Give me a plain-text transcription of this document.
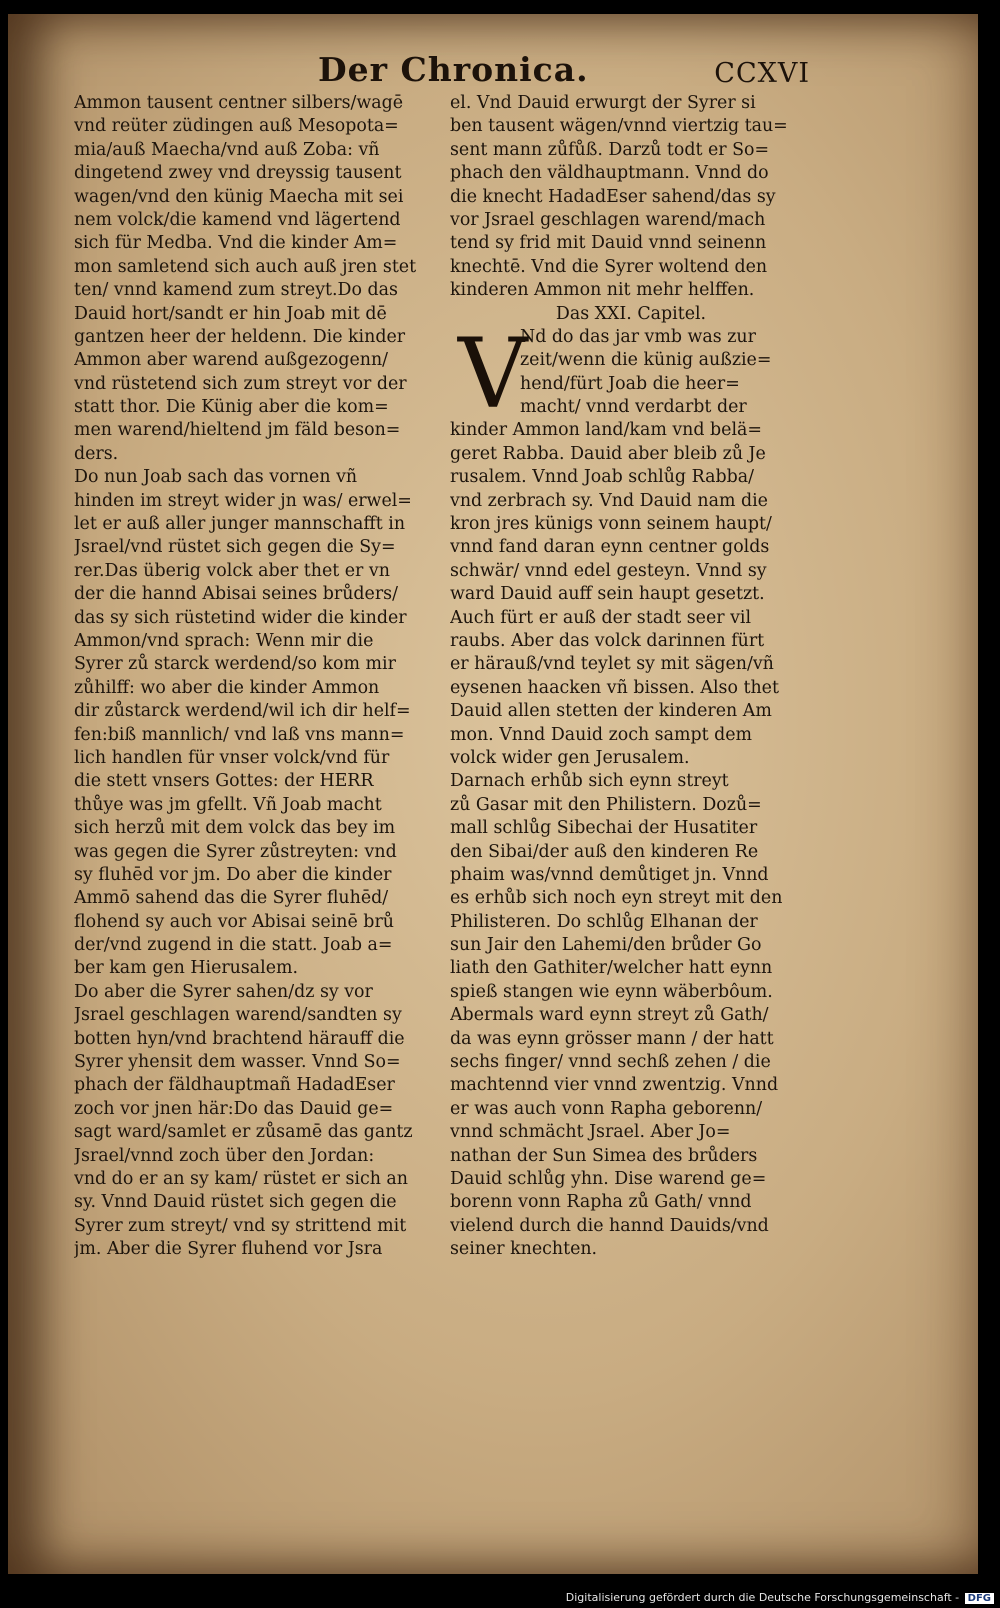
Der Chronica.	CCXVI
Ammon tausent centner silbers/wagē
vnd reüter züdingen auß Mesopota=
mia/auß Maecha/vnd auß Zoba: vñ
dingetend zwey vnd dreyssig tausent
wagen/vnd den künig Maecha mit sei
nem volck/die kamend vnd lägertend
sich für Medba. Vnd die kinder Am=
mon samletend sich auch auß jren stet
ten/ vnnd kamend zum streyt.Do das
Dauid hort/sandt er hin Joab mit dē
gantzen heer der heldenn. Die kinder
Ammon aber warend außgezogenn/
vnd rüstetend sich zum streyt vor der
statt thor. Die Künig aber die kom=
men warend/hieltend jm fäld beson=
ders.
Do nun Joab sach das vornen vñ
hinden im streyt wider jn was/ erwel=
let er auß aller junger mannschafft in
Jsrael/vnd rüstet sich gegen die Sy=
rer.Das überig volck aber thet er vn
der die hannd Abisai seines brůders/
das sy sich rüstetind wider die kinder
Ammon/vnd sprach: Wenn mir die
Syrer zů starck werdend/so kom mir
zůhilff: wo aber die kinder Ammon
dir zůstarck werdend/wil ich dir helf=
fen:biß mannlich/ vnd laß vns mann=
lich handlen für vnser volck/vnd für
die stett vnsers Gottes: der HERR
thůye was jm gfellt. Vñ Joab macht
sich herzů mit dem volck das bey im
was gegen die Syrer zůstreyten: vnd
sy fluhēd vor jm. Do aber die kinder
Ammō sahend das die Syrer fluhēd/
flohend sy auch vor Abisai seinē brů
der/vnd zugend in die statt. Joab a=
ber kam gen Hierusalem.
Do aber die Syrer sahen/dz sy vor
Jsrael geschlagen warend/sandten sy
botten hyn/vnd brachtend härauff die
Syrer yhensit dem wasser. Vnnd So=
phach der fäldhauptmañ HadadEser
zoch vor jnen här:Do das Dauid ge=
sagt ward/samlet er zůsamē das gantz
Jsrael/vnnd zoch über den Jordan:
vnd do er an sy kam/ rüstet er sich an
sy. Vnnd Dauid rüstet sich gegen die
Syrer zum streyt/ vnd sy strittend mit
jm. Aber die Syrer fluhend vor Jsra
el. Vnd Dauid erwurgt der Syrer si
ben tausent wägen/vnnd viertzig tau=
sent mann zůfůß. Darzů todt er So=
phach den väldhauptmann. Vnnd do
die knecht HadadEser sahend/das sy
vor Jsrael geschlagen warend/mach
tend sy frid mit Dauid vnnd seinenn
knechtē. Vnd die Syrer woltend den
kinderen Ammon nit mehr helffen.
Das XXI. Capitel.
V
Nd do das jar vmb was zur
zeit/wenn die künig außzie=
hend/fürt Joab die heer=
macht/ vnnd verdarbt der
kinder Ammon land/kam vnd belä=
geret Rabba. Dauid aber bleib zů Je
rusalem. Vnnd Joab schlůg Rabba/
vnd zerbrach sy. Vnd Dauid nam die
kron jres künigs vonn seinem haupt/
vnnd fand daran eynn centner golds
schwär/ vnnd edel gesteyn. Vnnd sy
ward Dauid auff sein haupt gesetzt.
Auch fürt er auß der stadt seer vil
raubs. Aber das volck darinnen fürt
er härauß/vnd teylet sy mit sägen/vñ
eysenen haacken vñ bissen. Also thet
Dauid allen stetten der kinderen Am
mon. Vnnd Dauid zoch sampt dem
volck wider gen Jerusalem.
Darnach erhůb sich eynn streyt
zů Gasar mit den Philistern. Dozů=
mall schlůg Sibechai der Husatiter
den Sibai/der auß den kinderen Re
phaim was/vnnd demůtiget jn. Vnnd
es erhůb sich noch eyn streyt mit den
Philisteren. Do schlůg Elhanan der
sun Jair den Lahemi/den brůder Go
liath den Gathiter/welcher hatt eynn
spieß stangen wie eynn wäberbôum.
Abermals ward eynn streyt zů Gath/
da was eynn grösser mann / der hatt
sechs finger/ vnnd sechß zehen / die
machtennd vier vnnd zwentzig. Vnnd
er was auch vonn Rapha geborenn/
vnnd schmächt Jsrael. Aber Jo=
nathan der Sun Simea des brůders
Dauid schlůg yhn. Dise warend ge=
borenn vonn Rapha zů Gath/ vnnd
vielend durch die hannd Dauids/vnd
seiner knechten.
Digitalisierung gefördert durch die Deutsche Forschungsgemeinschaft - DFG
